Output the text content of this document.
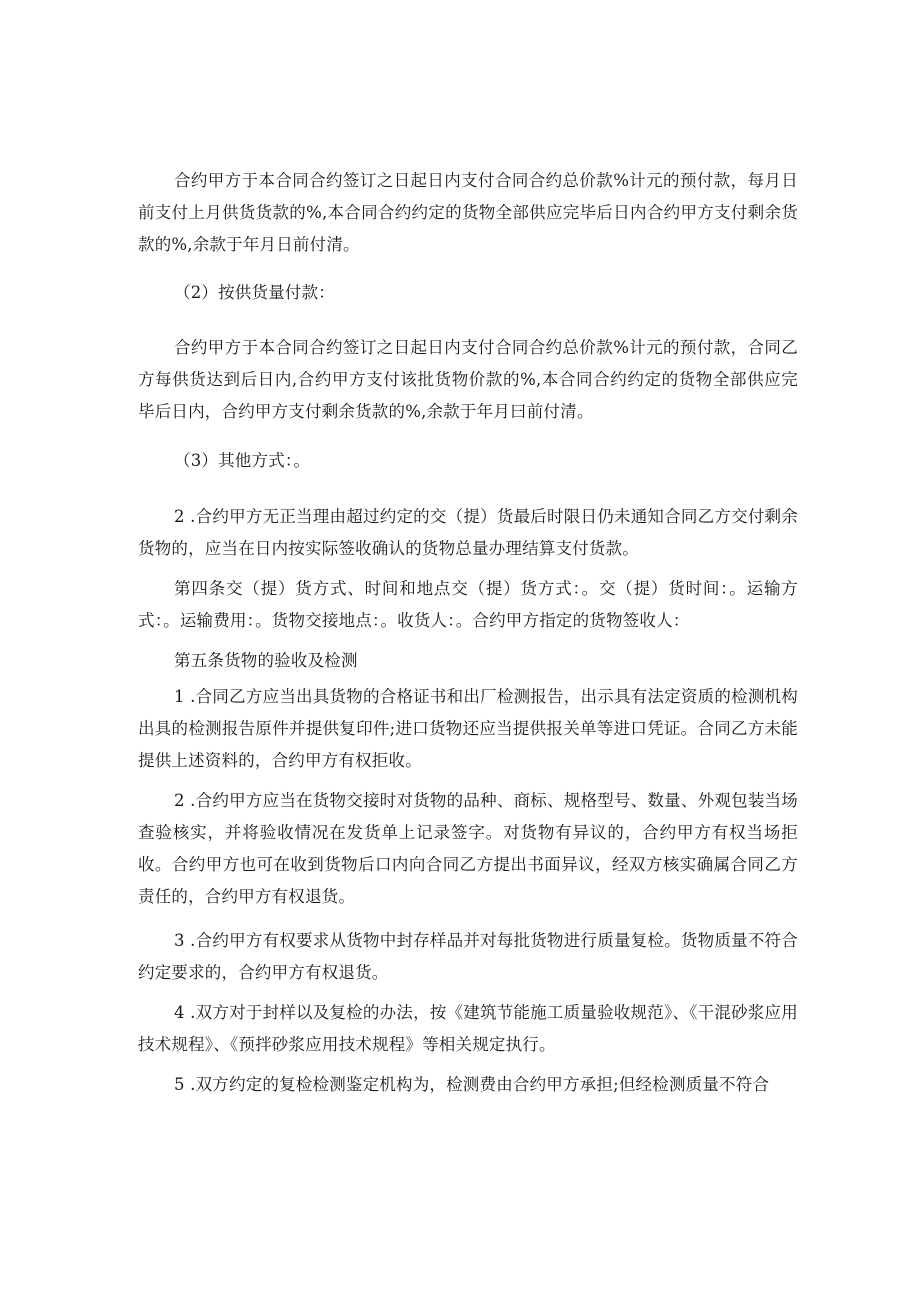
合约甲方于本合同合约签订之日起日内支付合同合约总价款%计元的预付款，每月日前支付上月供货货款的%,本合同合约约定的货物全部供应完毕后日内合约甲方支付剩余货款的%,余款于年月日前付清。

（2）按供货量付款：

合约甲方于本合同合约签订之日起日内支付合同合约总价款%计元的预付款，合同乙方每供货达到后日内,合约甲方支付该批货物价款的%,本合同合约约定的货物全部供应完毕后日内，合约甲方支付剩余货款的%,余款于年月曰前付清。

（3）其他方式：。

2 .合约甲方无正当理由超过约定的交（提）货最后时限日仍未通知合同乙方交付剩余货物的，应当在日内按实际签收确认的货物总量办理结算支付货款。

第四条交（提）货方式、时间和地点交（提）货方式：。交（提）货时间：。运输方式：。运输费用：。货物交接地点：。收货人：。合约甲方指定的货物签收人：

第五条货物的验收及检测

1 .合同乙方应当出具货物的合格证书和出厂检测报告，出示具有法定资质的检测机构出具的检测报告原件并提供复印件;进口货物还应当提供报关单等进口凭证。合同乙方未能提供上述资料的，合约甲方有权拒收。

2 .合约甲方应当在货物交接时对货物的品种、商标、规格型号、数量、外观包装当场查验核实，并将验收情况在发货单上记录签字。对货物有异议的，合约甲方有权当场拒收。合约甲方也可在收到货物后口内向合同乙方提出书面异议，经双方核实确属合同乙方责任的，合约甲方有权退货。

3 .合约甲方有权要求从货物中封存样品并对每批货物进行质量复检。货物质量不符合约定要求的，合约甲方有权退货。

4 .双方对于封样以及复检的办法，按《建筑节能施工质量验收规范》、《干混砂浆应用技术规程》、《预拌砂浆应用技术规程》等相关规定执行。

5 .双方约定的复检检测鉴定机构为，检测费由合约甲方承担;但经检测质量不符合
